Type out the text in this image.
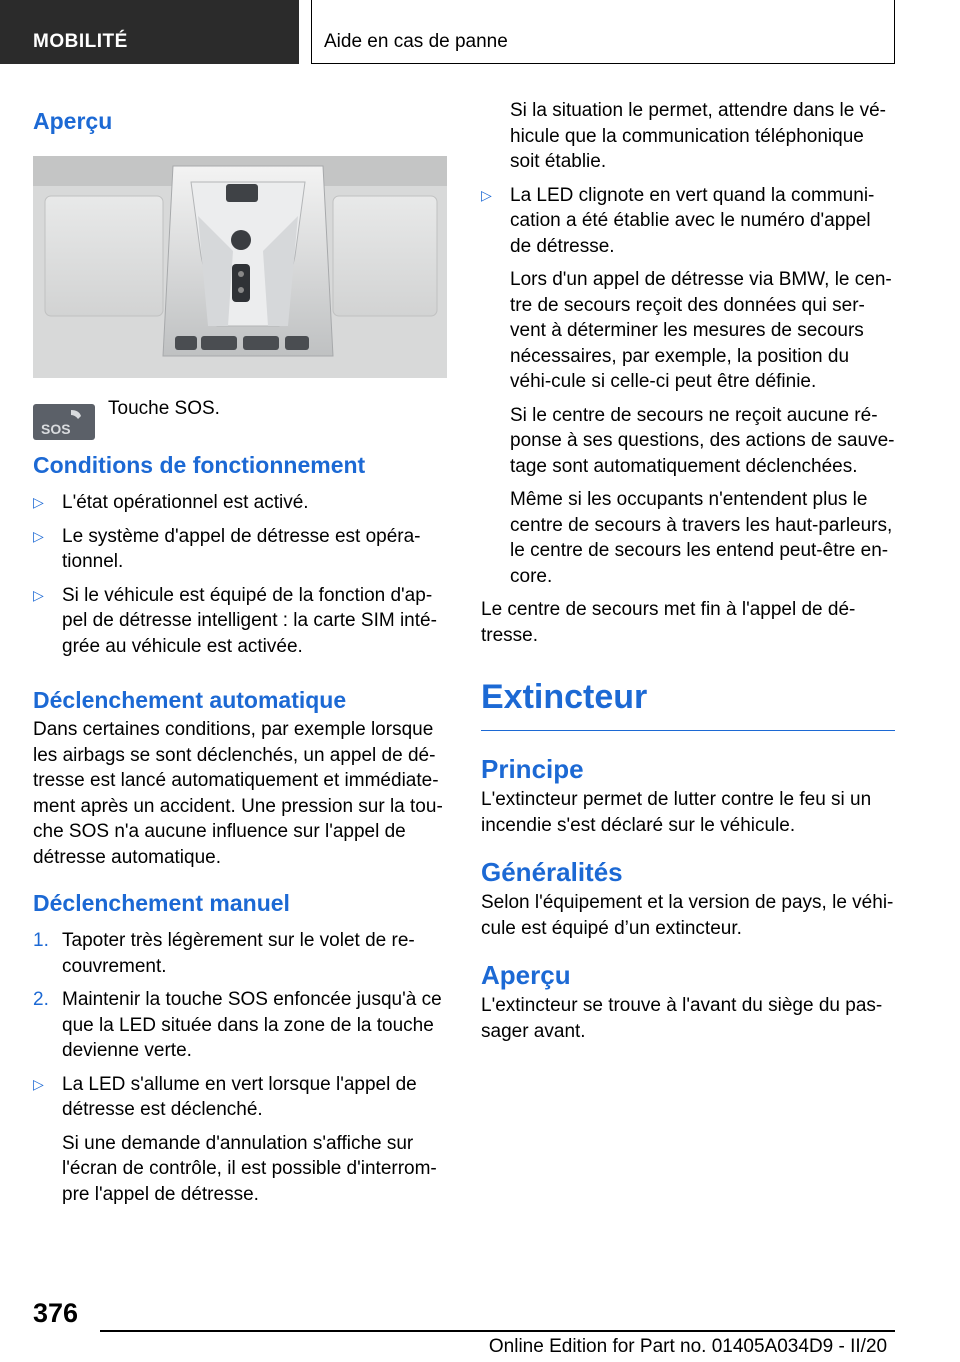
MOBILITÉ	Aide en cas de panne
Aperçu
SOS
Touche SOS.
Conditions de fonctionnement
▷ L'état opérationnel est activé.
▷ Le système d'appel de détresse est opéra‐tionnel.
▷ Si le véhicule est équipé de la fonction d'ap‐pel de détresse intelligent : la carte SIM inté‐grée au véhicule est activée.
Déclenchement automatique
Dans certaines conditions, par exemple lorsque les airbags se sont déclenchés, un appel de dé‐tresse est lancé automatiquement et immédiate‐ment après un accident. Une pression sur la tou‐che SOS n'a aucune influence sur l'appel de détresse automatique.
Déclenchement manuel
1. Tapoter très légèrement sur le volet de re‐couvrement.
2. Maintenir la touche SOS enfoncée jusqu'à ce que la LED située dans la zone de la touche devienne verte.
▷ La LED s'allume en vert lorsque l'appel de détresse est déclenché.
Si une demande d'annulation s'affiche sur l'écran de contrôle, il est possible d'interrom‐pre l'appel de détresse.
Si la situation le permet, attendre dans le vé‐hicule que la communication téléphonique soit établie.
▷ La LED clignote en vert quand la communi‐cation a été établie avec le numéro d'appel de détresse.
Lors d'un appel de détresse via BMW, le cen‐tre de secours reçoit des données qui ser‐vent à déterminer les mesures de secours nécessaires, par exemple, la position du véhi‐cule si celle-ci peut être définie.
Si le centre de secours ne reçoit aucune ré‐ponse à ses questions, des actions de sauve‐tage sont automatiquement déclenchées.
Même si les occupants n'entendent plus le centre de secours à travers les haut-parleurs, le centre de secours les entend peut-être en‐core.
Le centre de secours met fin à l'appel de dé‐tresse.
Extincteur
Principe
L'extincteur permet de lutter contre le feu si un incendie s'est déclaré sur le véhicule.
Généralités
Selon l'équipement et la version de pays, le véhi‐cule est équipé d’un extincteur.
Aperçu
L'extincteur se trouve à l'avant du siège du pas‐sager avant.
376
Online Edition for Part no. 01405A034D9 - II/20
